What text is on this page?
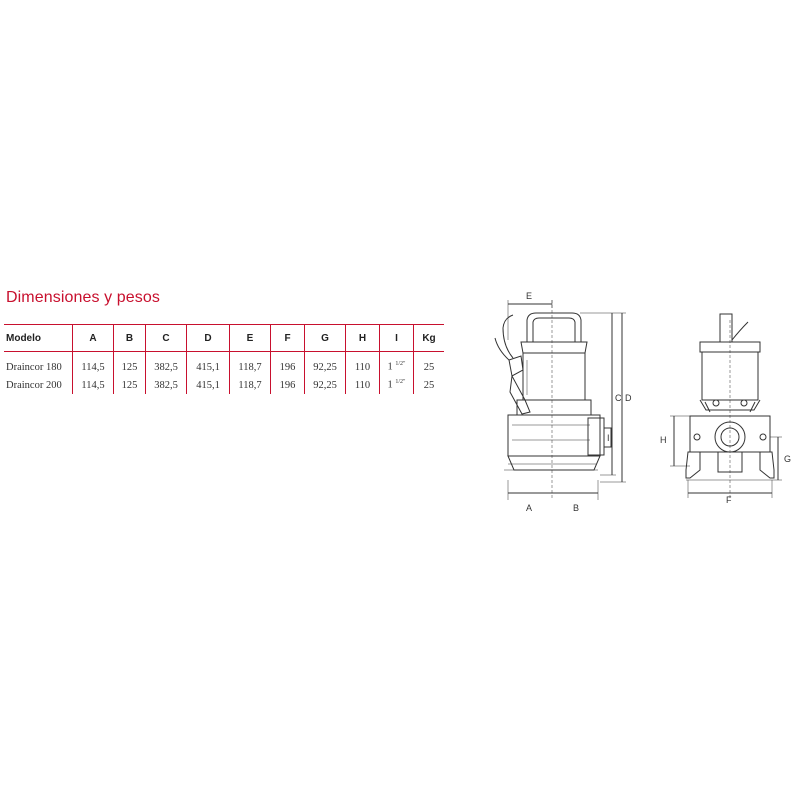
Dimensiones y pesos
Modelo	A	B	C	D	E	F	G	H	I	Kg
Draincor 180	114,5	125	382,5	415,1	118,7	196	92,25	110	1 $^{1/2"}$	25
Draincor 200	114,5	125	382,5	415,1	118,7	196	92,25	110	1 $^{1/2"}$	25
E
C D
I
A	B
H
G
F
